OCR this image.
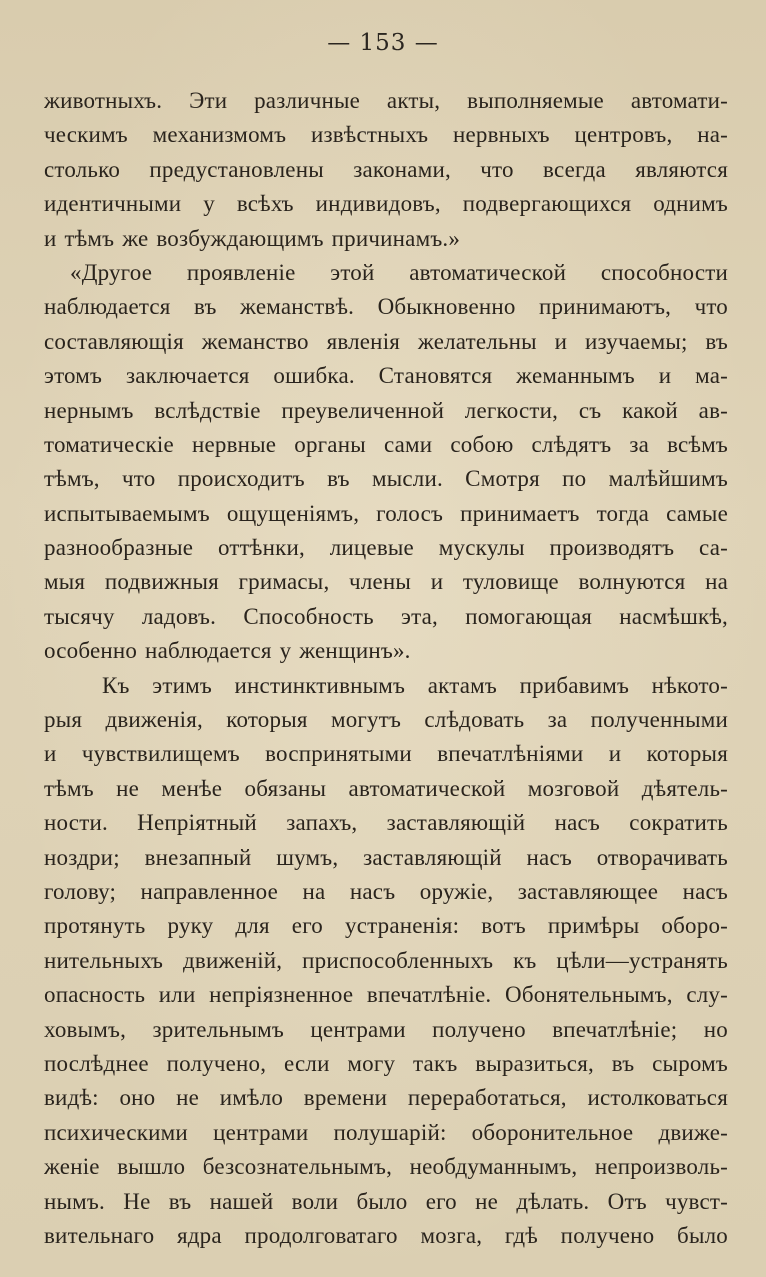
— 153 —
животныхъ. Эти различные акты, выполняемые автомати-
ческимъ механизмомъ извѣстныхъ нервныхъ центровъ, на-
столько предустановлены законами, что всегда являются
идентичными у всѣхъ индивидовъ, подвергающихся однимъ
и тѣмъ же возбуждающимъ причинамъ.»
«Другое проявленіе этой автоматической способности
наблюдается въ жеманствѣ. Обыкновенно принимаютъ, что
составляющія жеманство явленія желательны и изучаемы; въ
этомъ заключается ошибка. Становятся жеманнымъ и ма-
нернымъ вслѣдствіе преувеличенной легкости, съ какой ав-
томатическіе нервные органы сами собою слѣдятъ за всѣмъ
тѣмъ, что происходитъ въ мысли. Смотря по малѣйшимъ
испытываемымъ ощущеніямъ, голосъ принимаетъ тогда самые
разнообразные оттѣнки, лицевые мускулы производятъ са-
мыя подвижныя гримасы, члены и туловище волнуются на
тысячу ладовъ. Способность эта, помогающая насмѣшкѣ,
особенно наблюдается у женщинъ».
Къ этимъ инстинктивнымъ актамъ прибавимъ нѣкото-
рыя движенія, которыя могутъ слѣдовать за полученными
и чувствилищемъ воспринятыми впечатлѣніями и которыя
тѣмъ не менѣе обязаны автоматической мозговой дѣятель-
ности. Непріятный запахъ, заставляющій насъ сократить
ноздри; внезапный шумъ, заставляющій насъ отворачивать
голову; направленное на насъ оружіе, заставляющее насъ
протянуть руку для его устраненія: вотъ примѣры оборо-
нительныхъ движеній, приспособленныхъ къ цѣли—устранять
опасность или непріязненное впечатлѣніе. Обонятельнымъ, слу-
ховымъ, зрительнымъ центрами получено впечатлѣніе; но
послѣднее получено, если могу такъ выразиться, въ сыромъ
видѣ: оно не имѣло времени переработаться, истолковаться
психическими центрами полушарій: оборонительное движе-
женіе вышло безсознательнымъ, необдуманнымъ, непроизволь-
нымъ. Не въ нашей воли было его не дѣлать. Отъ чувст-
вительнаго ядра продолговатаго мозга, гдѣ получено было
